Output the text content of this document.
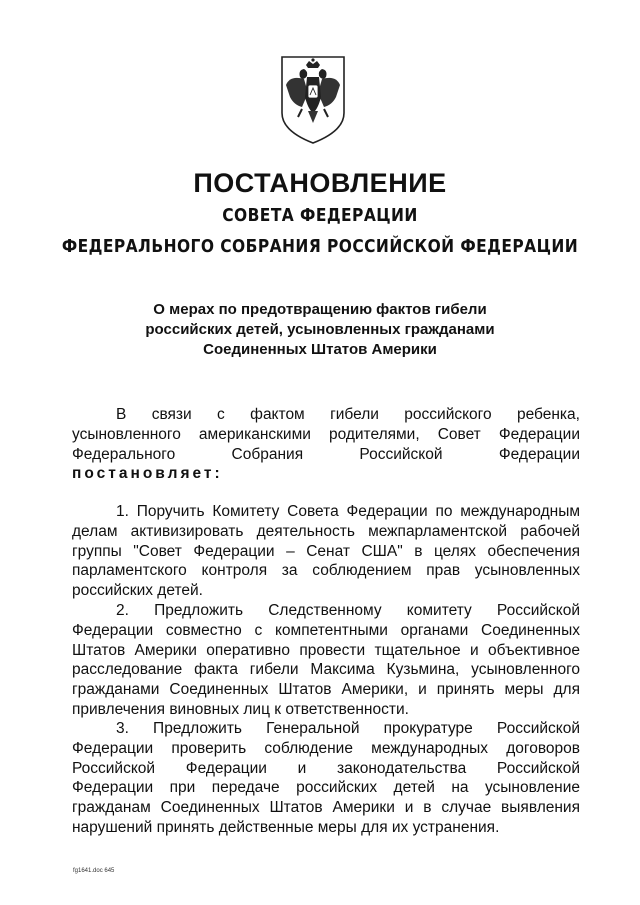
ПОСТАНОВЛЕНИЕ
СОВЕТА ФЕДЕРАЦИИ
ФЕДЕРАЛЬНОГО СОБРАНИЯ РОССИЙСКОЙ ФЕДЕРАЦИИ
О мерах по предотвращению фактов гибели
российских детей, усыновленных гражданами
Соединенных Штатов Америки
В связи с фактом гибели российского ребенка,
усыновленного американскими родителями, Совет Федерации
Федерального Собрания Российской Федерации
постановляет:
1. Поручить Комитету Совета Федерации по международным
делам активизировать деятельность межпарламентской рабочей
группы "Совет Федерации – Сенат США" в целях обеспечения
парламентского контроля за соблюдением прав усыновленных
российских детей.
2. Предложить Следственному комитету Российской
Федерации совместно с компетентными органами Соединенных
Штатов Америки оперативно провести тщательное и объективное
расследование факта гибели Максима Кузьмина, усыновленного
гражданами Соединенных Штатов Америки, и принять меры для
привлечения виновных лиц к ответственности.
3. Предложить Генеральной прокуратуре Российской
Федерации проверить соблюдение международных договоров
Российской Федерации и законодательства Российской
Федерации при передаче российских детей на усыновление
гражданам Соединенных Штатов Америки и в случае выявления
нарушений принять действенные меры для их устранения.
fg1641.doc 645
